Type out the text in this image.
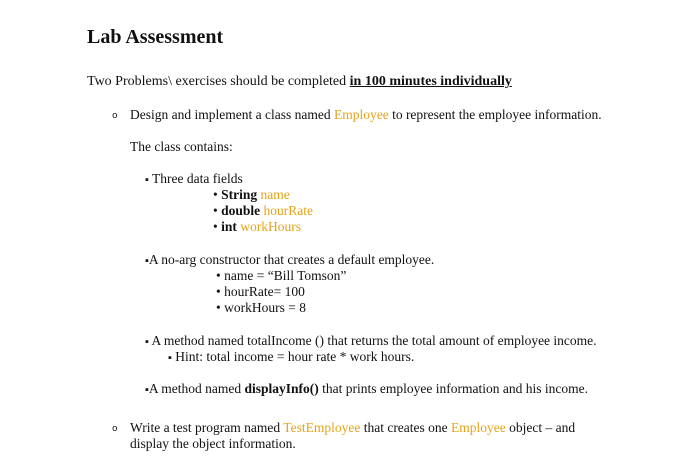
Lab Assessment
Two Problems\ exercises should be completed in 100 minutes individually
o Design and implement a class named Employee to represent the employee information.
The class contains:
▪ Three data fields
• String name
• double hourRate
• int workHours
▪A no-arg constructor that creates a default employee.
• name = “Bill Tomson”
• hourRate= 100
• workHours = 8
▪ A method named totalIncome () that returns the total amount of employee income.
▪ Hint: total income = hour rate * work hours.
▪A method named displayInfo() that prints employee information and his income.
o Write a test program named TestEmployee that creates one Employee object – and
display the object information.
